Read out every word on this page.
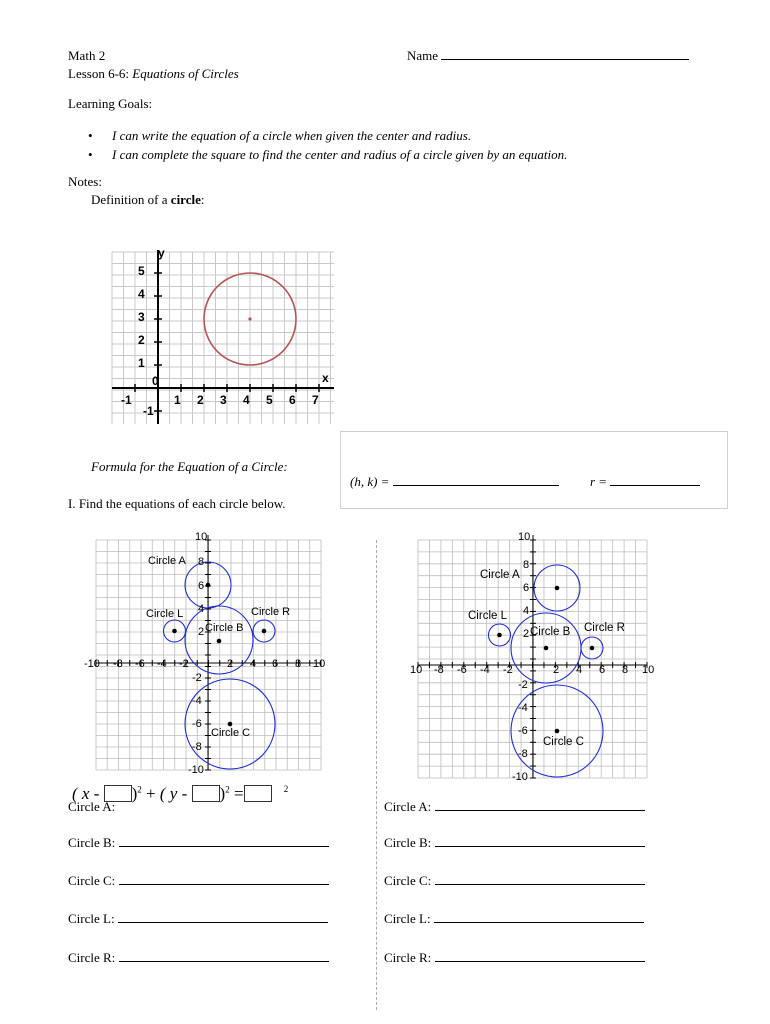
Math 2
Lesson 6-6: Equations of Circles
Name
Learning Goals:
• I can write the equation of a circle when given the center and radius.
• I can complete the square to find the center and radius of a circle given by an equation.
Notes:
Definition of a circle:
y
x
0
-1	1 2 3 4 5 6 7
5
4
3
2
1
-1
Formula for the Equation of a Circle:
(h, k) =	r =
I. Find the equations of each circle below.
10
8
6
4
2
-2
-4
-6
-8
-10
-10 -8 -6 -4 -2	2 4 6 8 10
Circle A
Circle L	Circle R
Circle B
Circle C
10
8
6
4
2
-2
-4
-6
-8
-10
10 -8 -6 -4 -2	2 4 6 8 10
Circle A
Circle L
Circle B Circle R
Circle C
Circle A:
Circle B:
Circle C:
Circle L:
Circle R:
( x - )$^2$ + ( y - )$^2$ =	$^2$
Circle A:
Circle B:
Circle C:
Circle L:
Circle R:
